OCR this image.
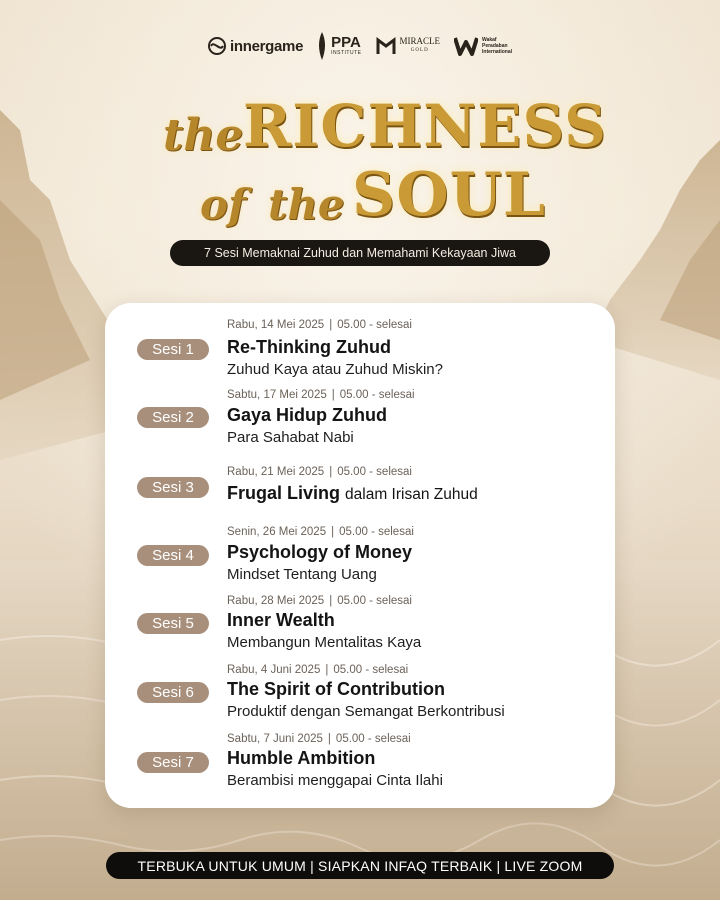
innergame PPA
INSTITUTE
MIRACLE
GOLD
Wakaf
Peradaban
International
the RICHNESS
of the SOUL
7 Sesi Memaknai Zuhud dan Memahami Kekayaan Jiwa
Sesi 1
Rabu, 14 Mei 2025 | 05.00 - selesai
Re-Thinking Zuhud
Zuhud Kaya atau Zuhud Miskin?
Sesi 2
Sabtu, 17 Mei 2025 | 05.00 - selesai
Gaya Hidup Zuhud
Para Sahabat Nabi
Sesi 3
Rabu, 21 Mei 2025 | 05.00 - selesai
Frugal Living dalam Irisan Zuhud
Sesi 4
Senin, 26 Mei 2025 | 05.00 - selesai
Psychology of Money
Mindset Tentang Uang
Sesi 5
Rabu, 28 Mei 2025 | 05.00 - selesai
Inner Wealth
Membangun Mentalitas Kaya
Sesi 6
Rabu, 4 Juni 2025 | 05.00 - selesai
The Spirit of Contribution
Produktif dengan Semangat Berkontribusi
Sesi 7
Sabtu, 7 Juni 2025 | 05.00 - selesai
Humble Ambition
Berambisi menggapai Cinta Ilahi
TERBUKA UNTUK UMUM | SIAPKAN INFAQ TERBAIK | LIVE ZOOM
